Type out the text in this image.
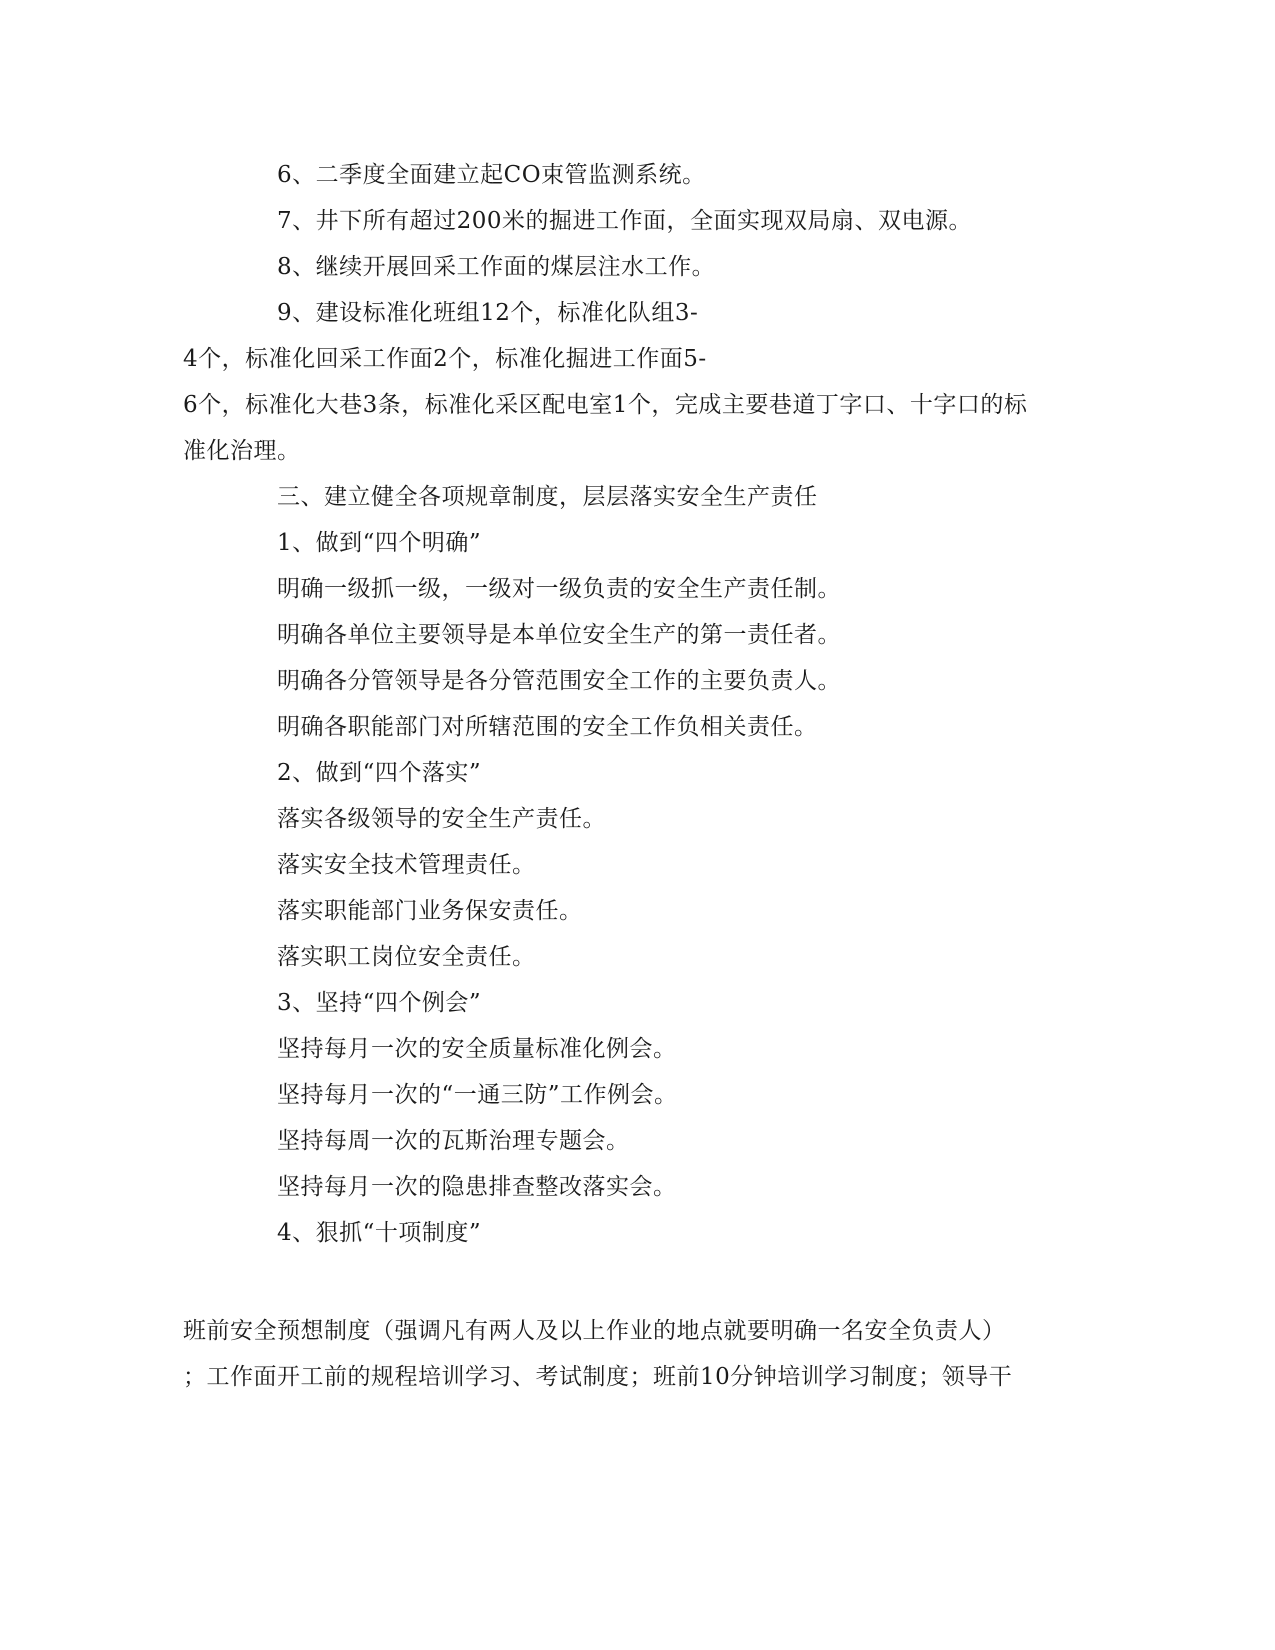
6、二季度全面建立起CO束管监测系统。
7、井下所有超过200米的掘进工作面，全面实现双局扇、双电源。
8、继续开展回采工作面的煤层注水工作。
9、建设标准化班组12个，标准化队组3-
4个，标准化回采工作面2个，标准化掘进工作面5-
6个，标准化大巷3条，标准化采区配电室1个，完成主要巷道丁字口、十字口的标
准化治理。
三、建立健全各项规章制度，层层落实安全生产责任
1、做到“四个明确”
明确一级抓一级，一级对一级负责的安全生产责任制。
明确各单位主要领导是本单位安全生产的第一责任者。
明确各分管领导是各分管范围安全工作的主要负责人。
明确各职能部门对所辖范围的安全工作负相关责任。
2、做到“四个落实”
落实各级领导的安全生产责任。
落实安全技术管理责任。
落实职能部门业务保安责任。
落实职工岗位安全责任。
3、坚持“四个例会”
坚持每月一次的安全质量标准化例会。
坚持每月一次的“一通三防”工作例会。
坚持每周一次的瓦斯治理专题会。
坚持每月一次的隐患排查整改落实会。
4、狠抓“十项制度”
班前安全预想制度（强调凡有两人及以上作业的地点就要明确一名安全负责人）
；工作面开工前的规程培训学习、考试制度；班前10分钟培训学习制度；领导干
